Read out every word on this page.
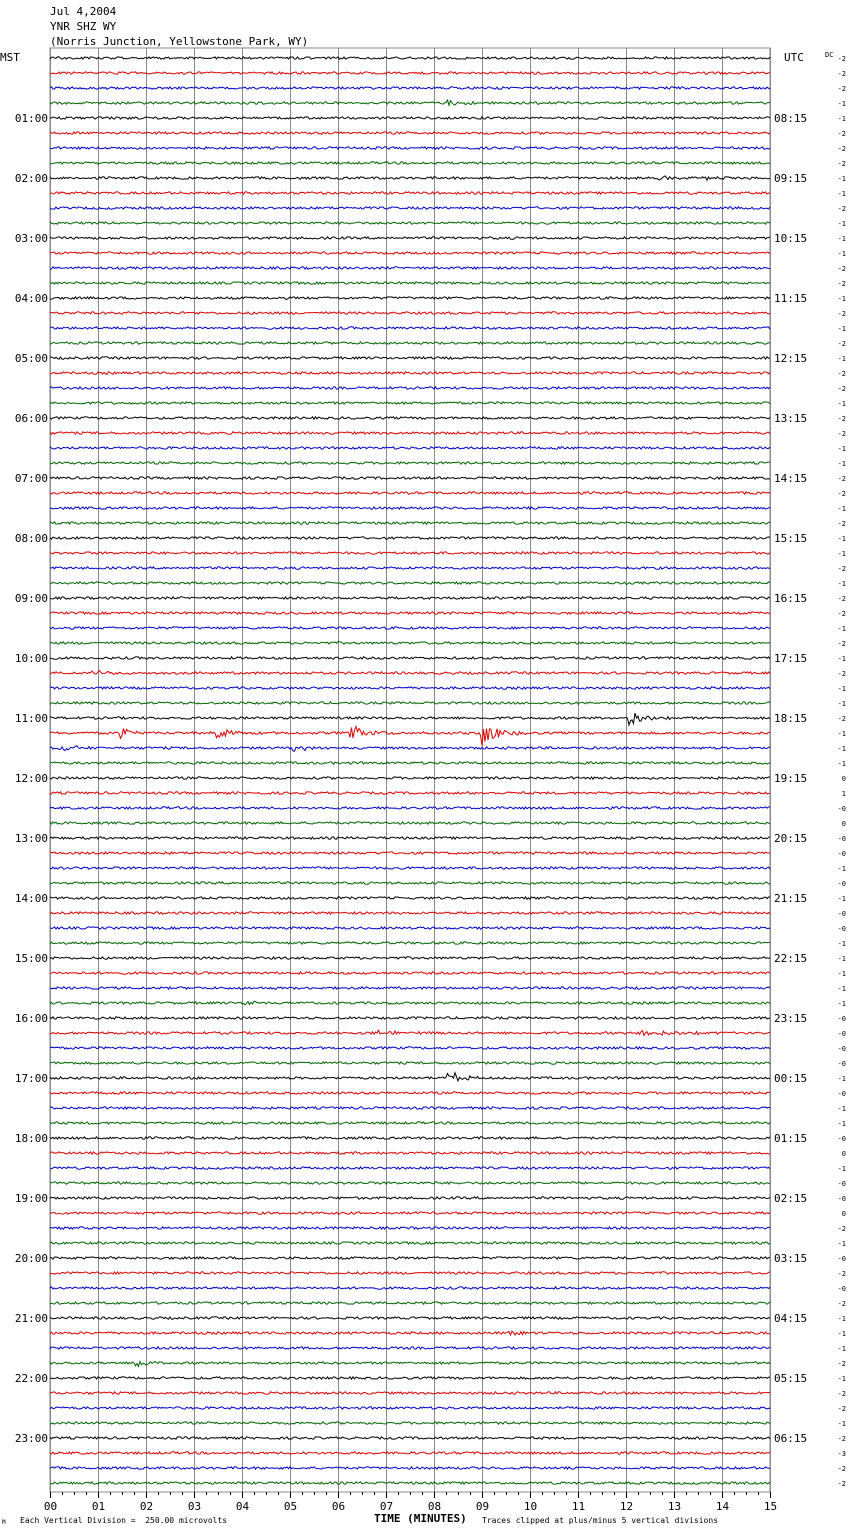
Jul 4,2004
YNR SHZ WY
(Norris Junction, Yellowstone Park, WY)
MST	UTC	DC
00	01	02	03	04	05	06	07	08	09	10	11	12	13	14	15
-2
-2
-2
-1
-1
01:00	08:15
-2
-2
-2
-1
02:00	09:15
-1
-2
-1
-1
03:00	10:15
-1
-2
-2
-1
04:00	11:15
-2
-1
-2
-1
05:00	12:15
-2
-2
-1
-2
06:00	13:15
-2
-1
-1
-2
07:00	14:15
-2
-1
-2
-1
08:00	15:15
-1
-2
-1
-2
09:00	16:15
-2
-1
-2
-1
10:00	17:15
-2
-1
-1
-2
11:00	18:15
-1
-1
-1
0
12:00	19:15
1
-0
0
-0
13:00	20:15
-0
-1
-0
-1
14:00	21:15
-0
-0
-1
-1
15:00	22:15
-1
-1
-1
-0
16:00	23:15
-0
-0
-0
-1
17:00	00:15
-0
-1
-1
-0
18:00	01:15
0
-1
-0
-0
19:00	02:15
0
-2
-1
-0
20:00	03:15
-2
-0
-2
-1
21:00	04:15
-1
-1
-2
-1
22:00	05:15
-2
-2
-1
-2
23:00	06:15
-3
-2
-2
TIME (MINUTES)
Each Vertical Division =  250.00 microvolts	Traces clipped at plus/minus 5 vertical divisions
M
